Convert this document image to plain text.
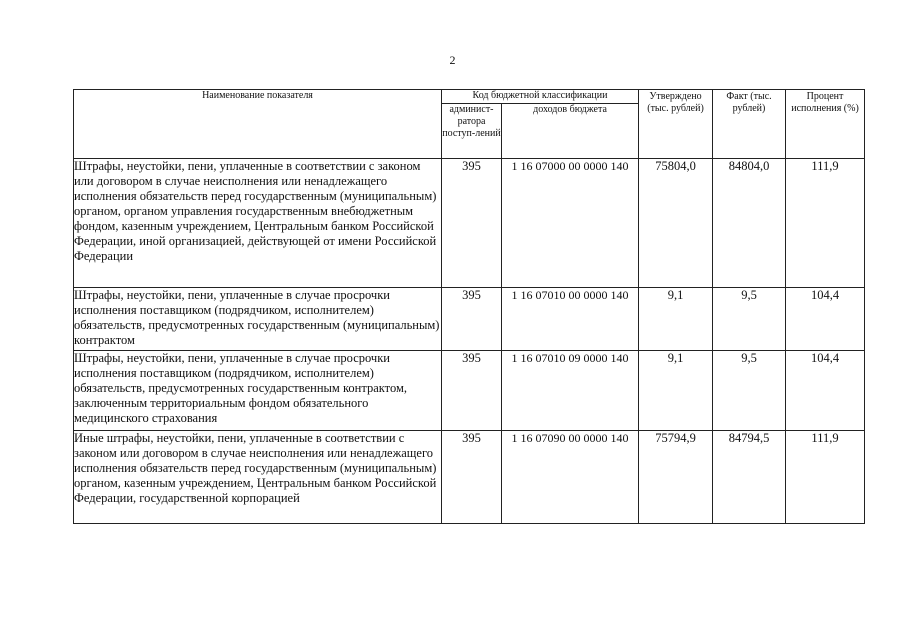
2
Наименование показателя	Код бюджетной классификации		Утверждено (тыс. рублей)	Факт (тыс. рублей)	Процент исполнения (%)
	админист-ратора поступ-лений	доходов бюджета			
Штрафы, неустойки, пени, уплаченные в соответствии с законом или договором в случае неисполнения или ненадлежащего исполнения обязательств перед государственным (муниципальным) органом, органом управления государственным внебюджетным фондом, казенным учреждением, Центральным банком Российской Федерации, иной организацией, действующей от имени Российской Федерации	395	1 16 07000 00 0000 140	75804,0	84804,0	111,9
Штрафы, неустойки, пени, уплаченные в случае просрочки исполнения поставщиком (подрядчиком, исполнителем) обязательств, предусмотренных государственным (муниципальным) контрактом	395	1 16 07010 00 0000 140	9,1	9,5	104,4
Штрафы, неустойки, пени, уплаченные в случае просрочки исполнения поставщиком (подрядчиком, исполнителем) обязательств, предусмотренных государственным контрактом, заключенным территориальным фондом обязательного медицинского страхования	395	1 16 07010 09 0000 140	9,1	9,5	104,4
Иные штрафы, неустойки, пени, уплаченные в соответствии с законом или договором в случае неисполнения или ненадлежащего исполнения обязательств перед государственным (муниципальным) органом, казенным учреждением, Центральным банком Российской Федерации, государственной корпорацией	395	1 16 07090 00 0000 140	75794,9	84794,5	111,9
